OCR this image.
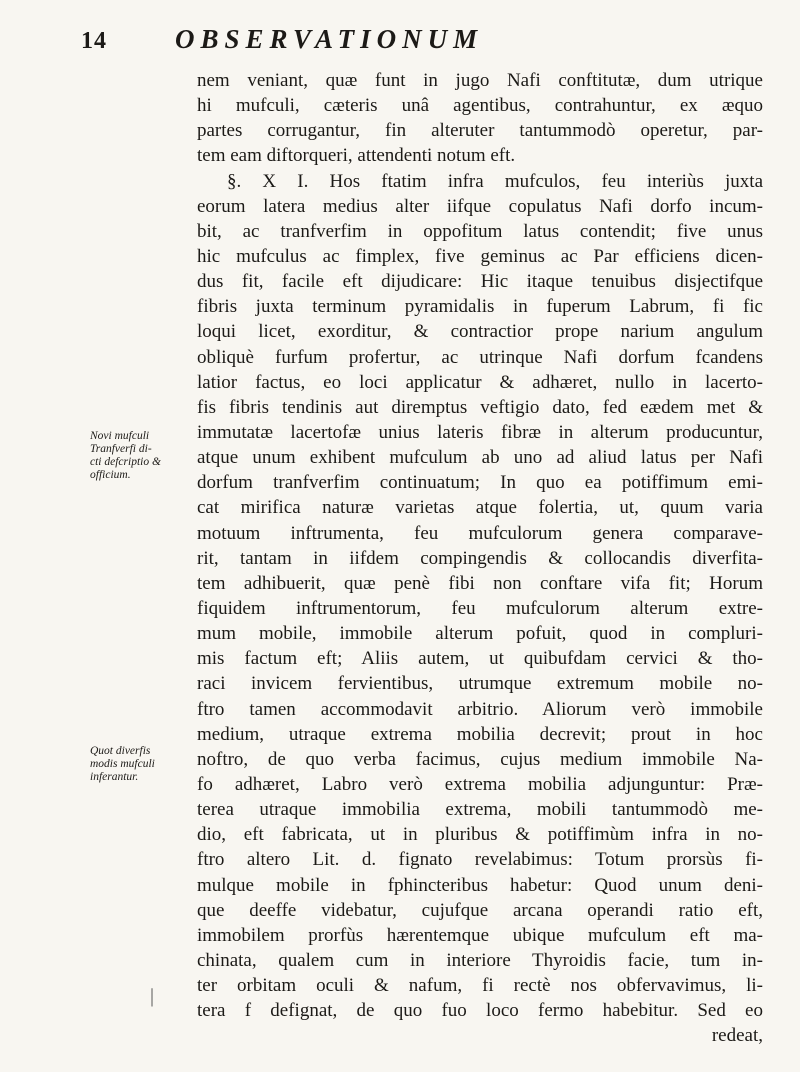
14	OBSERVATIONUM
nem veniant, quæ funt in jugo Nafi conftitutæ, dum utrique
hi mufculi, cæteris unâ agentibus, contrahuntur, ex æquo
partes corrugantur, fin alteruter tantummodò operetur, par-
tem eam diftorqueri, attendenti notum eft.
§. X I. Hos ftatim infra mufculos, feu interiùs juxta
eorum latera medius alter iifque copulatus Nafi dorfo incum-
bit, ac tranfverfim in oppofitum latus contendit; five unus
hic mufculus ac fimplex, five geminus ac Par efficiens dicen-
dus fit, facile eft dijudicare: Hic itaque tenuibus disjectifque
fibris juxta terminum pyramidalis in fuperum Labrum, fi fic
loqui licet, exorditur, & contractior prope narium angulum
obliquè furfum profertur, ac utrinque Nafi dorfum fcandens
latior factus, eo loci applicatur & adhæret, nullo in lacerto-
fis fibris tendinis aut diremptus veftigio dato, fed eædem met &
immutatæ lacertofæ unius lateris fibræ in alterum producuntur,
atque unum exhibent mufculum ab uno ad aliud latus per Nafi
dorfum tranfverfim continuatum; In quo ea potiffimum emi-
cat mirifica naturæ varietas atque folertia, ut, quum varia
motuum inftrumenta, feu mufculorum genera comparave-
rit, tantam in iifdem compingendis & collocandis diverfita-
tem adhibuerit, quæ penè fibi non conftare vifa fit; Horum
fiquidem inftrumentorum, feu mufculorum alterum extre-
mum mobile, immobile alterum pofuit, quod in compluri-
mis factum eft; Aliis autem, ut quibufdam cervici & tho-
raci invicem fervientibus, utrumque extremum mobile no-
ftro tamen accommodavit arbitrio. Aliorum verò immobile
medium, utraque extrema mobilia decrevit; prout in hoc
noftro, de quo verba facimus, cujus medium immobile Na-
fo adhæret, Labro verò extrema mobilia adjunguntur: Præ-
terea utraque immobilia extrema, mobili tantummodò me-
dio, eft fabricata, ut in pluribus & potiffimùm infra in no-
ftro altero Lit. d. fignato revelabimus: Totum prorsùs fi-
mulque mobile in fphincteribus habetur: Quod unum deni-
que deeffe videbatur, cujufque arcana operandi ratio eft,
immobilem prorfùs hærentemque ubique mufculum eft ma-
chinata, qualem cum in interiore Thyroidis facie, tum in-
ter orbitam oculi & nafum, fi rectè nos obfervavimus, li-
tera f defignat, de quo fuo loco fermo habebitur. Sed eo
redeat,
Novi mufculi
Tranfverfi di-
cti defcriptio &
officium.
Quot diverfis
modis mufculi
inferantur.
|
